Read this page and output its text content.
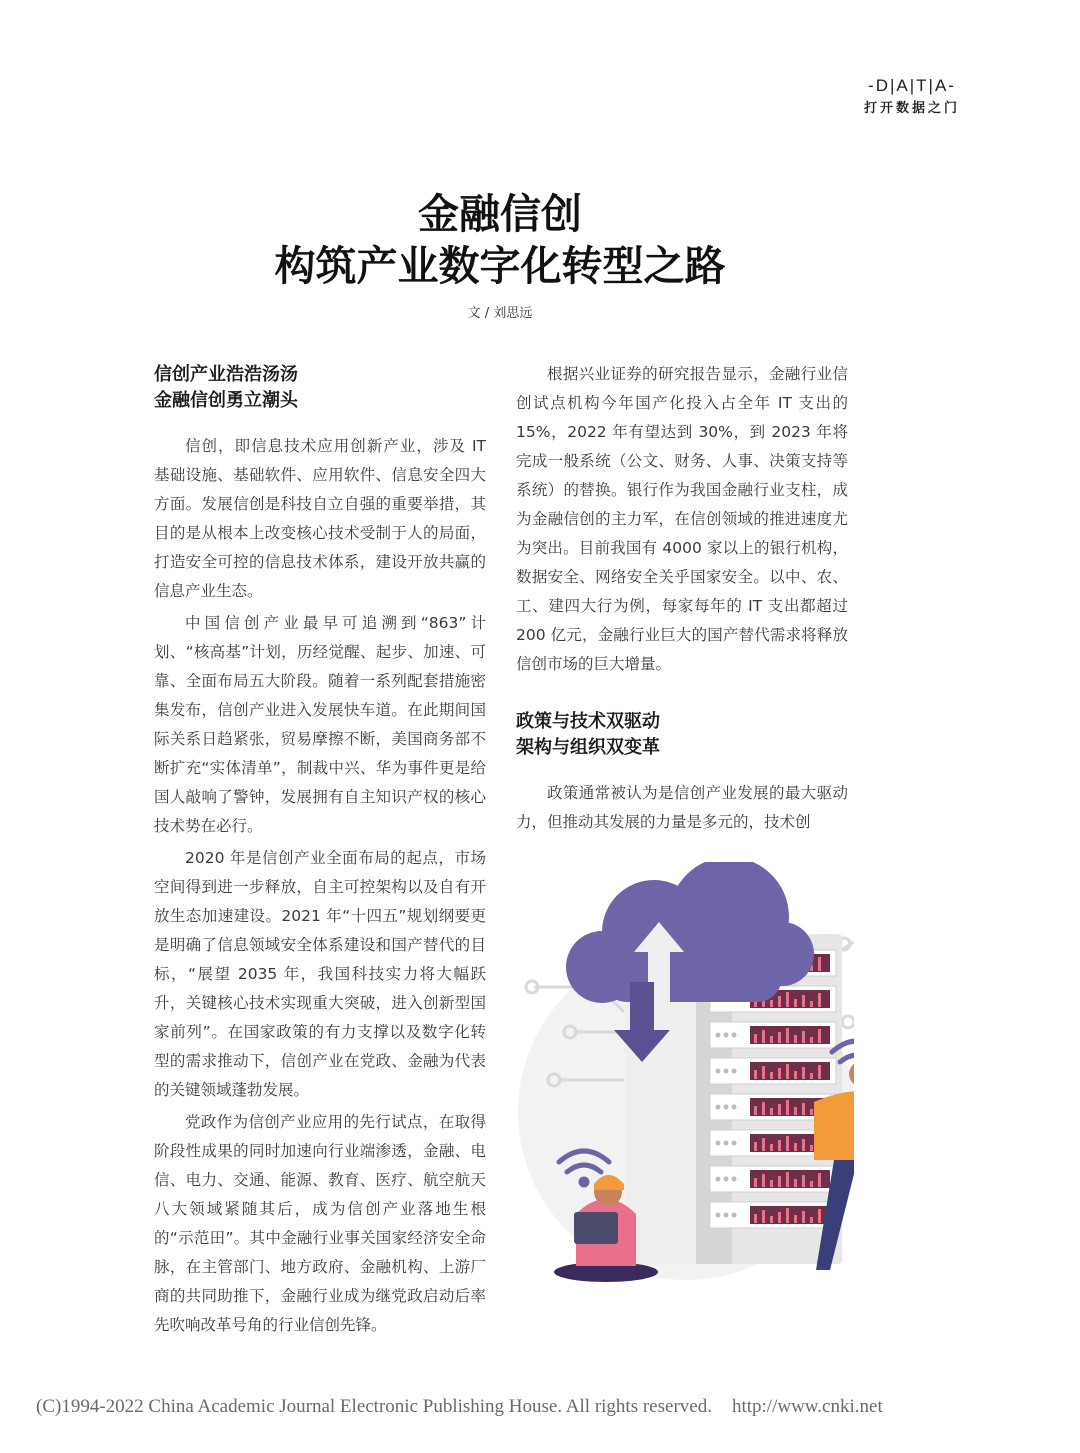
-D|A|T|A-
打开数据之门
金融信创
构筑产业数字化转型之路
文 / 刘思远
信创产业浩浩汤汤
金融信创勇立潮头

信创，即信息技术应用创新产业，涉及 IT 基础设施、基础软件、应用软件、信息安全四大方面。发展信创是科技自立自强的重要举措，其目的是从根本上改变核心技术受制于人的局面，打造安全可控的信息技术体系，建设开放共赢的信息产业生态。

中国信创产业最早可追溯到“863”计划、“核高基”计划，历经觉醒、起步、加速、可靠、全面布局五大阶段。随着一系列配套措施密集发布，信创产业进入发展快车道。在此期间国际关系日趋紧张，贸易摩擦不断，美国商务部不断扩充“实体清单”，制裁中兴、华为事件更是给国人敲响了警钟，发展拥有自主知识产权的核心技术势在必行。

2020 年是信创产业全面布局的起点，市场空间得到进一步释放，自主可控架构以及自有开放生态加速建设。2021 年“十四五”规划纲要更是明确了信息领域安全体系建设和国产替代的目标，“展望 2035 年，我国科技实力将大幅跃升，关键核心技术实现重大突破，进入创新型国家前列”。在国家政策的有力支撑以及数字化转型的需求推动下，信创产业在党政、金融为代表的关键领域蓬勃发展。

党政作为信创产业应用的先行试点，在取得阶段性成果的同时加速向行业端渗透，金融、电信、电力、交通、能源、教育、医疗、航空航天八大领域紧随其后，成为信创产业落地生根的“示范田”。其中金融行业事关国家经济安全命脉，在主管部门、地方政府、金融机构、上游厂商的共同助推下，金融行业成为继党政启动后率先吹响改革号角的行业信创先锋。

根据兴业证券的研究报告显示，金融行业信创试点机构今年国产化投入占全年 IT 支出的15%，2022 年有望达到 30%，到 2023 年将完成一般系统（公文、财务、人事、决策支持等系统）的替换。银行作为我国金融行业支柱，成为金融信创的主力军，在信创领域的推进速度尤为突出。目前我国有 4000 家以上的银行机构，数据安全、网络安全关乎国家安全。以中、农、工、建四大行为例，每家每年的 IT 支出都超过 200 亿元，金融行业巨大的国产替代需求将释放信创市场的巨大增量。

政策与技术双驱动
架构与组织双变革

政策通常被认为是信创产业发展的最大驱动力，但推动其发展的力量是多元的，技术创

(C)1994-2022 China Academic Journal Electronic Publishing House. All rights reserved. http://www.cnki.net
